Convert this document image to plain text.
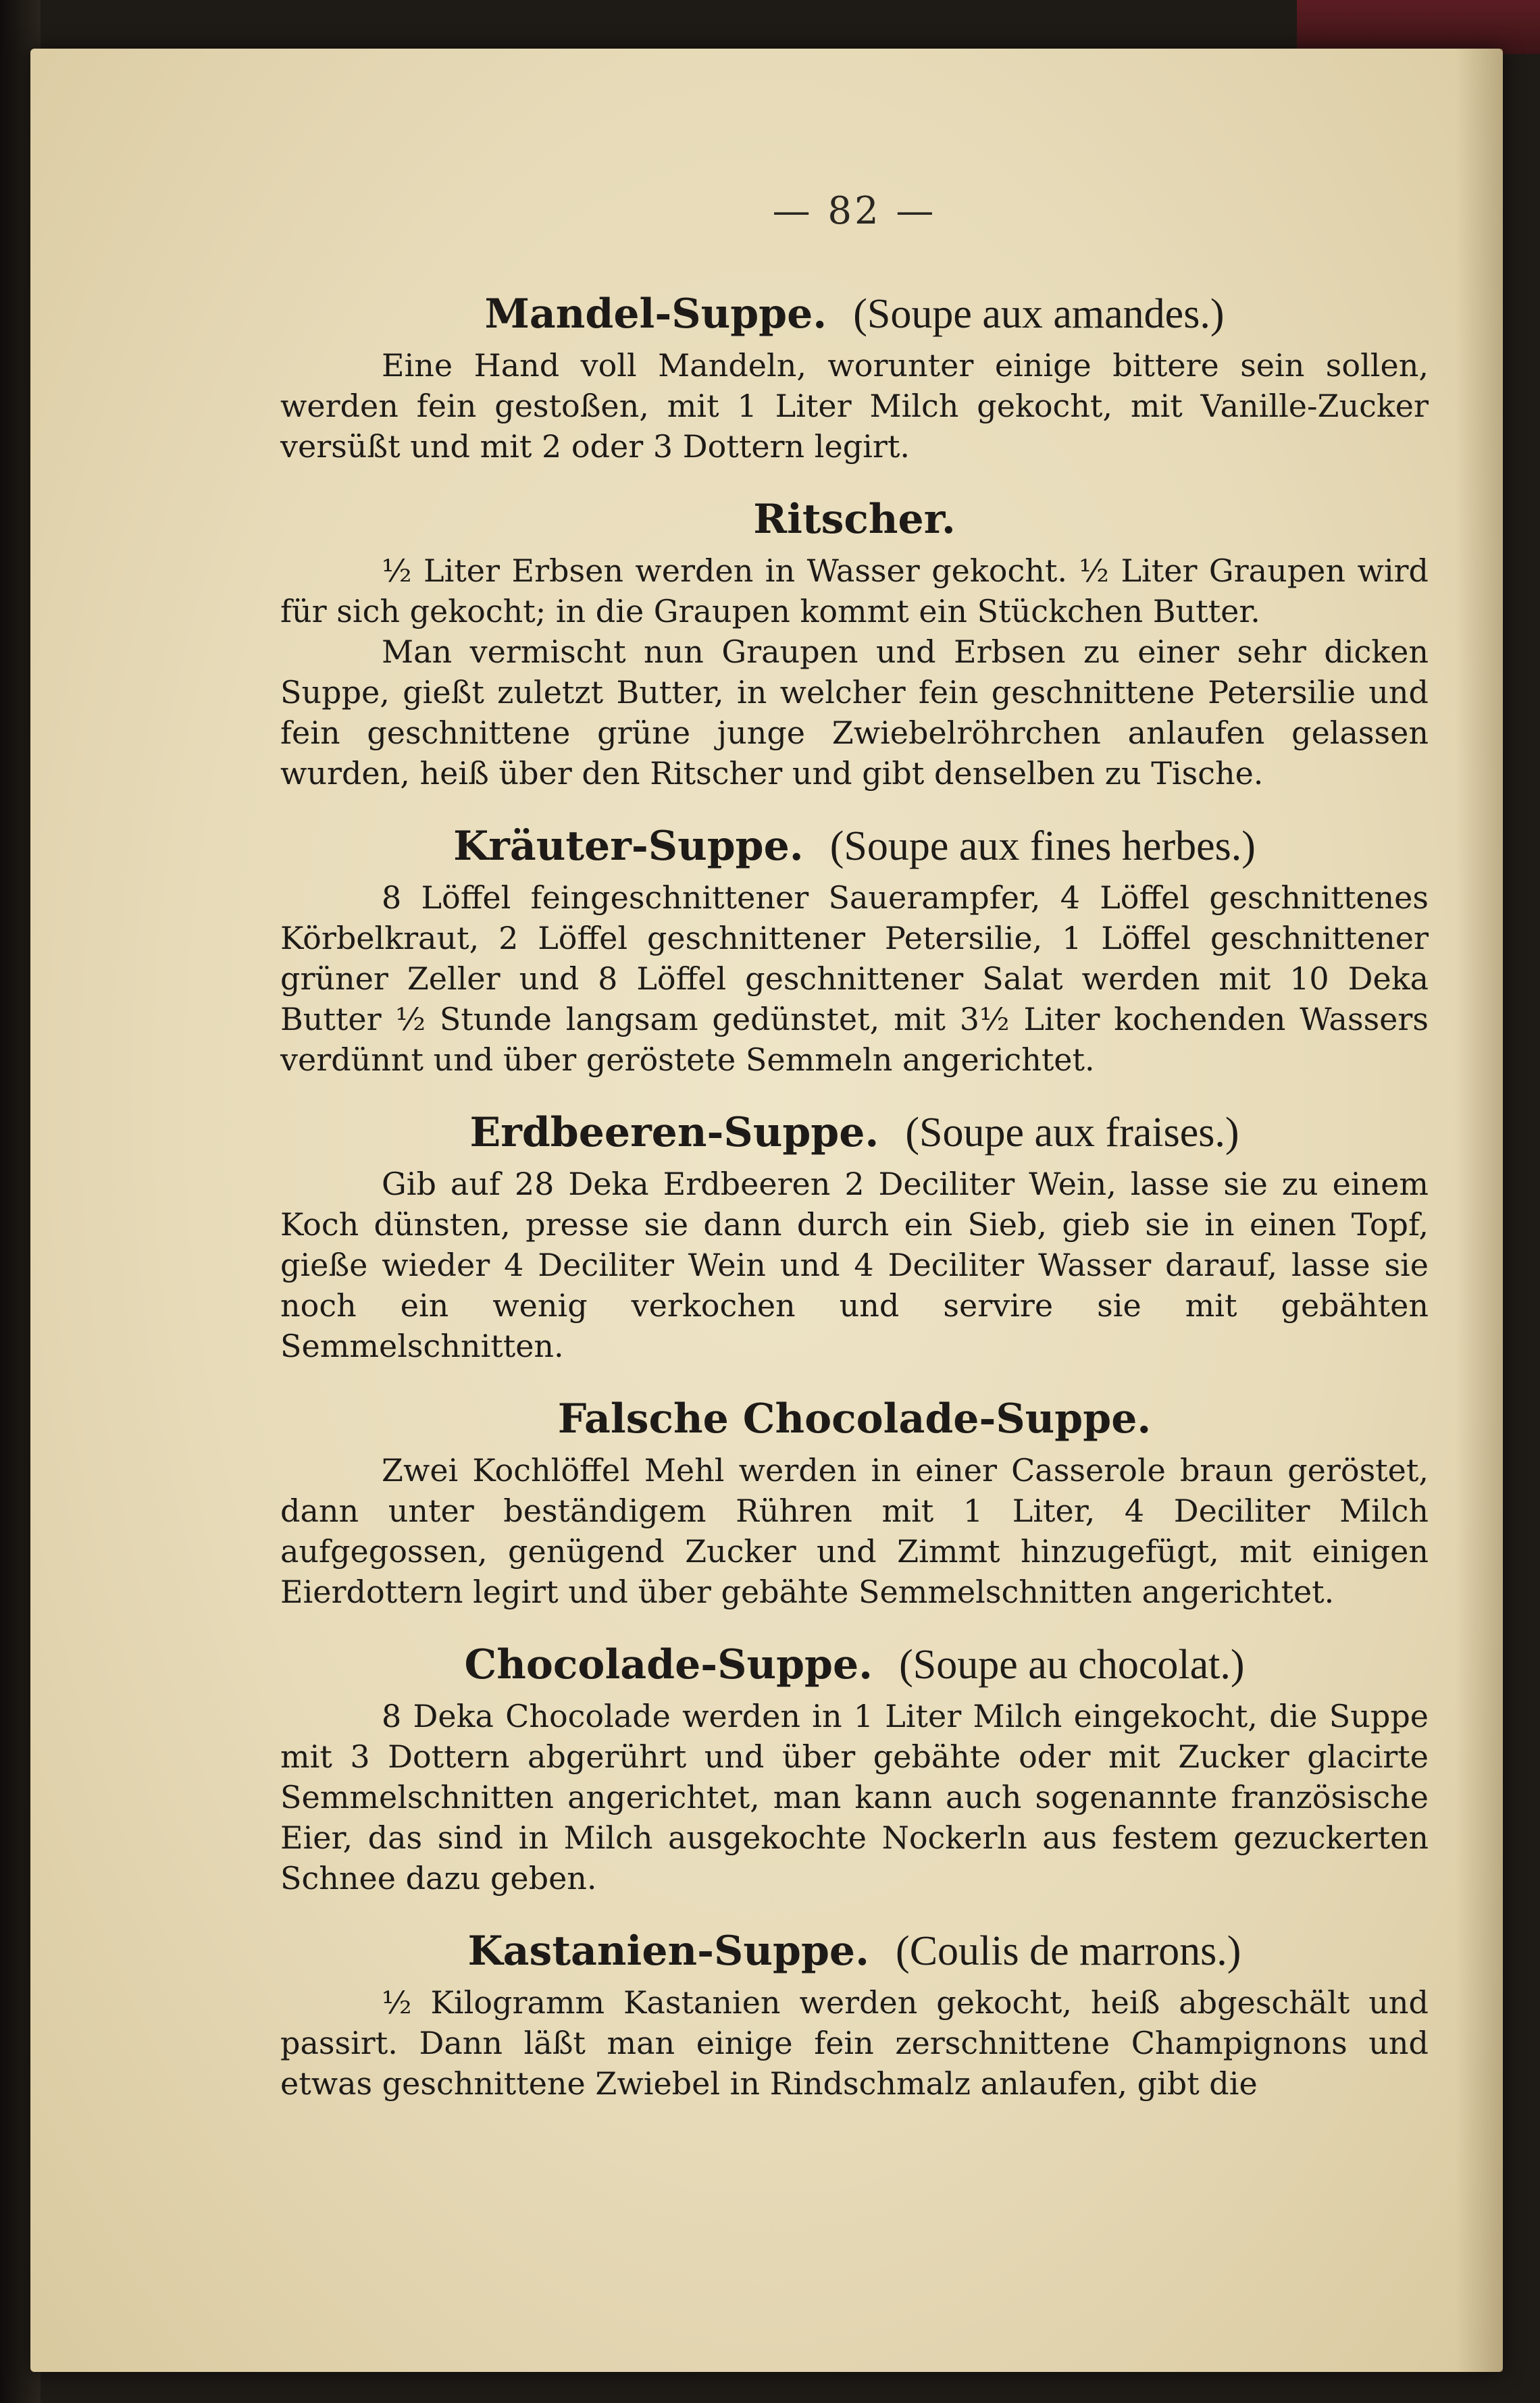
— 82 —
Mandel-Suppe. (Soupe aux amandes.)

Eine Hand voll Mandeln, worunter einige bittere sein sollen, werden fein gestoßen, mit 1 Liter Milch gekocht, mit Vanille-Zucker versüßt und mit 2 oder 3 Dottern legirt.

Ritscher.

½ Liter Erbsen werden in Wasser gekocht. ½ Liter Graupen wird für sich gekocht; in die Graupen kommt ein Stückchen Butter.

Man vermischt nun Graupen und Erbsen zu einer sehr dicken Suppe, gießt zuletzt Butter, in welcher fein geschnittene Petersilie und fein geschnittene grüne junge Zwiebelröhrchen anlaufen gelassen wurden, heiß über den Ritscher und gibt denselben zu Tische.

Kräuter-Suppe. (Soupe aux fines herbes.)

8 Löffel feingeschnittener Sauerampfer, 4 Löffel geschnittenes Körbelkraut, 2 Löffel geschnittener Petersilie, 1 Löffel geschnittener grüner Zeller und 8 Löffel geschnittener Salat werden mit 10 Deka Butter ½ Stunde langsam gedünstet, mit 3½ Liter kochenden Wassers verdünnt und über geröstete Semmeln angerichtet.

Erdbeeren-Suppe. (Soupe aux fraises.)

Gib auf 28 Deka Erdbeeren 2 Deciliter Wein, lasse sie zu einem Koch dünsten, presse sie dann durch ein Sieb, gieb sie in einen Topf, gieße wieder 4 Deciliter Wein und 4 Deciliter Wasser darauf, lasse sie noch ein wenig verkochen und servire sie mit gebähten Semmelschnitten.

Falsche Chocolade-Suppe.

Zwei Kochlöffel Mehl werden in einer Casserole braun geröstet, dann unter beständigem Rühren mit 1 Liter, 4 Deciliter Milch aufgegossen, genügend Zucker und Zimmt hinzugefügt, mit einigen Eierdottern legirt und über gebähte Semmelschnitten angerichtet.

Chocolade-Suppe. (Soupe au chocolat.)

8 Deka Chocolade werden in 1 Liter Milch eingekocht, die Suppe mit 3 Dottern abgerührt und über gebähte oder mit Zucker glacirte Semmelschnitten angerichtet, man kann auch sogenannte französische Eier, das sind in Milch ausgekochte Nockerln aus festem gezuckerten Schnee dazu geben.

Kastanien-Suppe. (Coulis de marrons.)

½ Kilogramm Kastanien werden gekocht, heiß abgeschält und passirt. Dann läßt man einige fein zerschnittene Champignons und etwas geschnittene Zwiebel in Rindschmalz anlaufen, gibt die
